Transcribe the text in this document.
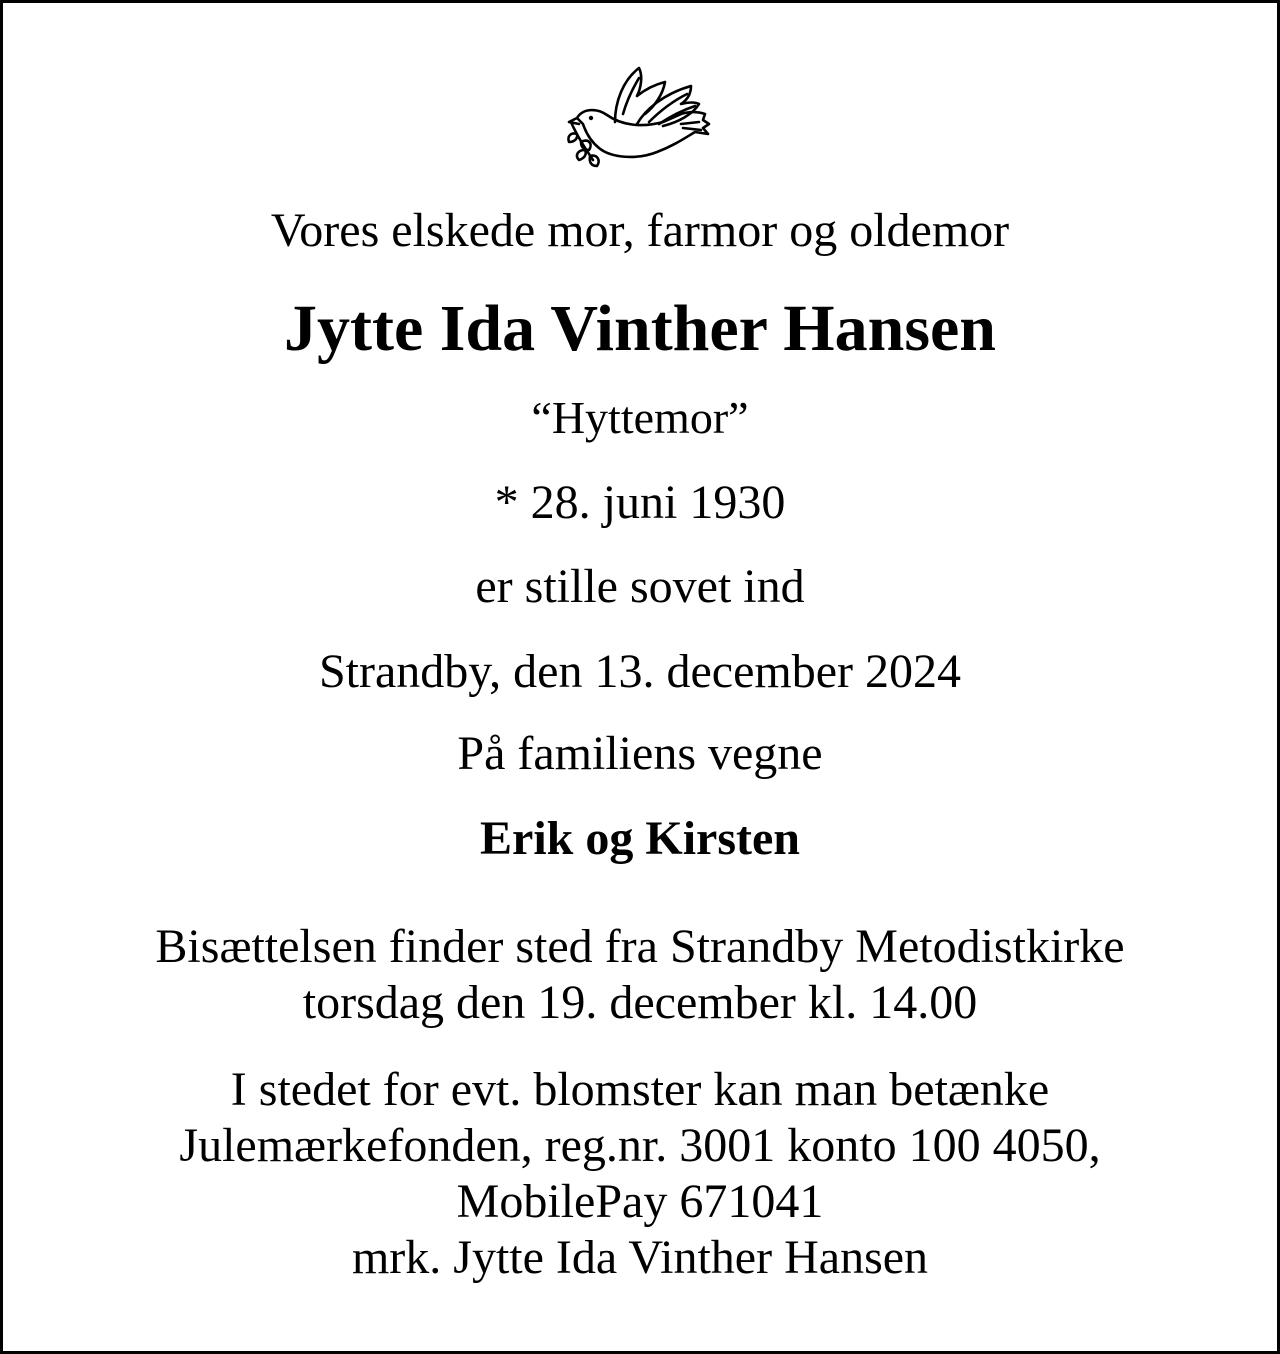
Vores elskede mor, farmor og oldemor
Jytte Ida Vinther Hansen
“Hyttemor”
* 28. juni 1930
er stille sovet ind
Strandby, den 13. december 2024
På familiens vegne
Erik og Kirsten
Bisættelsen finder sted fra Strandby Metodistkirke
torsdag den 19. december kl. 14.00
I stedet for evt. blomster kan man betænke
Julemærkefonden, reg.nr. 3001 konto 100 4050,
MobilePay 671041
mrk. Jytte Ida Vinther Hansen
